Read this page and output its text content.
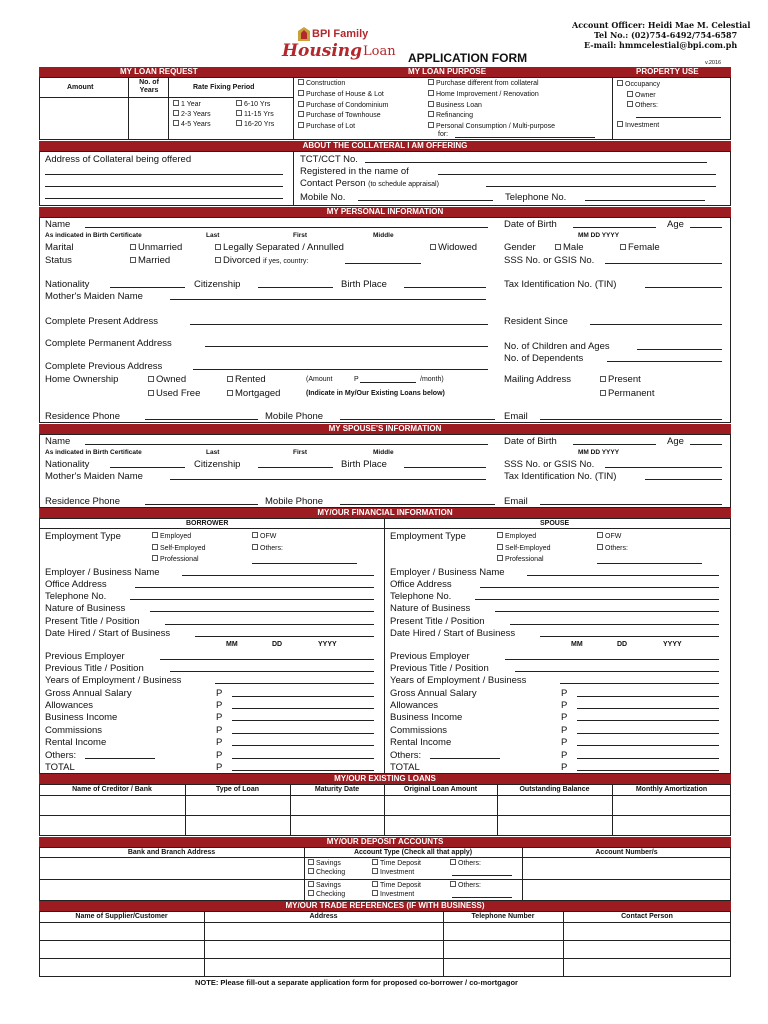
BPI Family
Housing Loan APPLICATION FORM	v.2016
Account Officer: Heidi Mae M. Celestial
Tel No.: (02)754-6492/754-6587
E-mail: hmmcelestial@bpi.com.ph
MY LOAN REQUEST	MY LOAN PURPOSE	PROPERTY USE
Amount
No. of Years	Rate Fixing Period
1 Year	6-10 Yrs
2-3 Years	11-15 Yrs
4-5 Years	16-20 Yrs
Construction
Purchase of House & Lot
Purchase of Condominium
Purchase of Townhouse
Purchase of Lot
Purchase different from collateral
Home Improvement / Renovation
Business Loan
Refinancing
Personal Consumption / Multi-purpose
for:
Occupancy
Owner
Others:
Investment
ABOUT THE COLLATERAL I AM OFFERING
Address of Collateral being offered	TCT/CCT No.
Registered in the name of
Contact Person (to schedule appraisal)
Mobile No.	Telephone No.
MY PERSONAL INFORMATION
Name
As indicated in Birth Certificate	Last	First	Middle
Date of Birth
MM DD YYYY
Age
Marital
Status
Unmarried
Married
Legally Separated / Annulled
Divorced if yes, country:
Widowed	Gender	Male	Female
SSS No. or GSIS No.
Nationality	Citizenship	Birth Place	Tax Identification No. (TIN)
Mother's Maiden Name
Complete Present Address	Resident Since
Complete Permanent Address	No. of Children and Ages
No. of Dependents
Complete Previous Address
Home Ownership	Owned	Rented
Used Free	Mortgaged
(Amount	P	/month)
(Indicate in My/Our Existing Loans below)
Mailing Address	Present
Permanent
Residence Phone	Mobile Phone	Email
MY SPOUSE'S INFORMATION
Name
As indicated in Birth Certificate	Last	First	Middle
Date of Birth
MM DD YYYY
Age
Nationality	Citizenship	Birth Place	SSS No. or GSIS No.
Mother's Maiden Name	Tax Identification No. (TIN)
Residence Phone	Mobile Phone	Email
MY/OUR FINANCIAL INFORMATION
BORROWER	SPOUSE
Employment Type	Employed
Self-Employed
Professional
OFW
Others:
Employer / Business Name
Office Address
Telephone No.
Nature of Business
Present Title / Position
Date Hired / Start of Business
MM	DD	YYYY
Previous Employer
Previous Title / Position
Years of Employment / Business
Gross Annual Salary	P
Allowances	P
Business Income	P
Commissions	P
Rental Income	P
Others:	P
TOTAL	P
Employment Type	Employed
Self-Employed
Professional
OFW
Others:
Employer / Business Name
Office Address
Telephone No.
Nature of Business
Present Title / Position
Date Hired / Start of Business
MM	DD	YYYY
Previous Employer
Previous Title / Position
Years of Employment / Business
Gross Annual Salary	P
Allowances	P
Business Income	P
Commissions	P
Rental Income	P
Others:	P
TOTAL	P
MY/OUR EXISTING LOANS
Name of Creditor / Bank	Type of Loan	Maturity Date	Original Loan Amount	Outstanding Balance	Monthly Amortization
MY/OUR DEPOSIT ACCOUNTS
Bank and Branch Address	Account Type (Check all that apply)	Account Number/s
Savings
Checking
Time Deposit
Investment
Others:
Savings
Checking
Time Deposit
Investment
Others:
MY/OUR TRADE REFERENCES (IF WITH BUSINESS)
Name of Supplier/Customer	Address	Telephone Number	Contact Person
NOTE: Please fill-out a separate application form for proposed co-borrower / co-mortgagor
